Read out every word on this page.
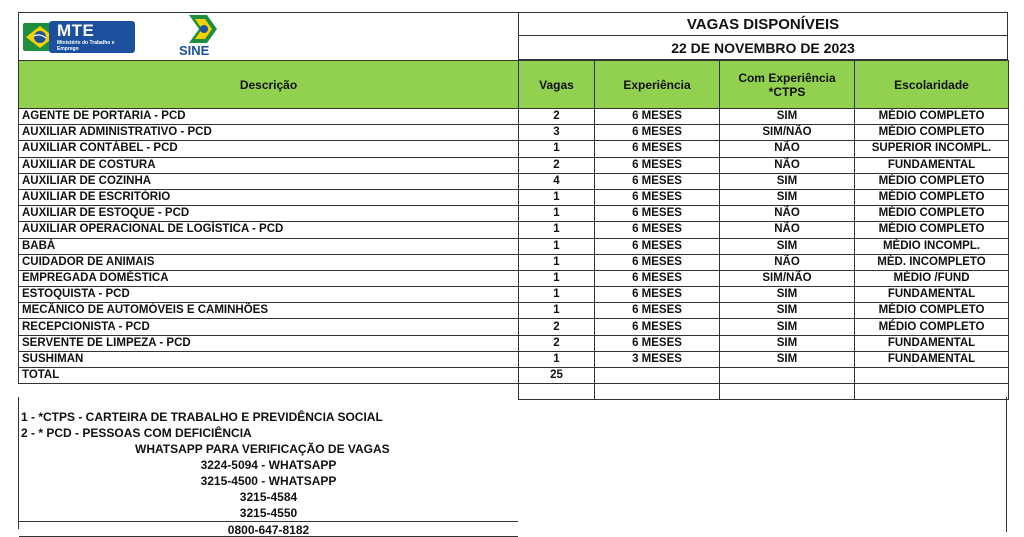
MTE
Ministério do Trabalho e Emprego	SINE
VAGAS DISPONÍVEIS
22 DE NOVEMBRO DE 2023
Descrição	Vagas	Experiência	Com Experiência *CTPS	Escolaridade
AGENTE DE PORTARIA - PCD	2	6 MESES	SIM	MÉDIO COMPLETO
AUXILIAR ADMINISTRATIVO - PCD	3	6 MESES	SIM/NÃO	MÉDIO COMPLETO
AUXILIAR CONTÁBEL - PCD	1	6 MESES	NÃO	SUPERIOR INCOMPL.
AUXILIAR DE COSTURA	2	6 MESES	NÃO	FUNDAMENTAL
AUXILIAR DE COZINHA	4	6 MESES	SIM	MÉDIO COMPLETO
AUXILIAR DE ESCRITÓRIO	1	6 MESES	SIM	MÉDIO COMPLETO
AUXILIAR DE ESTOQUE - PCD	1	6 MESES	NÃO	MÉDIO COMPLETO
AUXILIAR OPERACIONAL DE LOGÍSTICA - PCD	1	6 MESES	NÃO	MÉDIO COMPLETO
BABÁ	1	6 MESES	SIM	MÉDIO INCOMPL.
CUIDADOR DE ANIMAIS	1	6 MESES	NÃO	MÉD. INCOMPLETO
EMPREGADA DOMÉSTICA	1	6 MESES	SIM/NÃO	MÉDIO /FUND
ESTOQUISTA - PCD	1	6 MESES	SIM	FUNDAMENTAL
MECÂNICO DE AUTOMÓVEIS E CAMINHÕES	1	6 MESES	SIM	MÉDIO COMPLETO
RECEPCIONISTA - PCD	2	6 MESES	SIM	MÉDIO COMPLETO
SERVENTE DE LIMPEZA - PCD	2	6 MESES	SIM	FUNDAMENTAL
SUSHIMAN	1	3 MESES	SIM	FUNDAMENTAL
TOTAL	25			

1 - *CTPS - CARTEIRA DE TRABALHO E PREVIDÊNCIA SOCIAL
2 - * PCD - PESSOAS COM DEFICIÊNCIA
WHATSAPP PARA VERIFICAÇÃO DE VAGAS
3224-5094 - WHATSAPP
3215-4500 - WHATSAPP
3215-4584
3215-4550
0800-647-8182
